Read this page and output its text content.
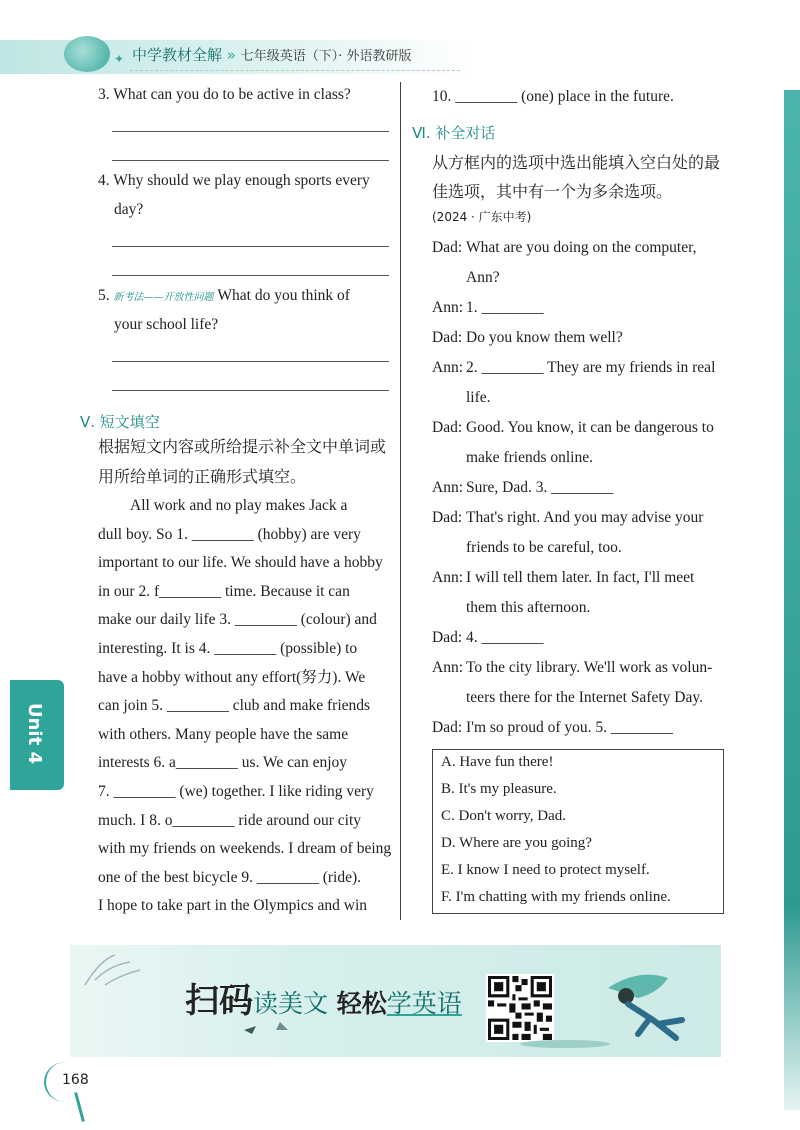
✦ 中学教材全解 » 七年级英语（下）· 外语教研版
3. What can you do to be active in class?
4. Why should we play enough sports every
day?
5. 新考法——开放性问题 What do you think of
your school life?
Ⅴ. 短文填空
根据短文内容或所给提示补全文中单词或
用所给单词的正确形式填空。
All work and no play makes Jack a
dull boy. So 1. ________ (hobby) are very
important to our life. We should have a hobby
in our 2. f________ time. Because it can
make our daily life 3. ________ (colour) and
interesting. It is 4. ________ (possible) to
have a hobby without any effort(努力). We
can join 5. ________ club and make friends
with others. Many people have the same
interests 6. a________ us. We can enjoy
7. ________ (we) together. I like riding very
much. I 8. o________ ride around our city
with my friends on weekends. I dream of being
one of the best bicycle 9. ________ (ride).
I hope to take part in the Olympics and win
10. ________ (one) place in the future.
Ⅵ. 补全对话
从方框内的选项中选出能填入空白处的最
佳选项，其中有一个为多余选项。
(2024 · 广东中考)
Dad: What are you doing on the computer,
Ann?
Ann: 1. ________
Dad: Do you know them well?
Ann: 2. ________ They are my friends in real
life.
Dad: Good. You know, it can be dangerous to
make friends online.
Ann: Sure, Dad. 3. ________
Dad: That's right. And you may advise your
friends to be careful, too.
Ann: I will tell them later. In fact, I'll meet
them this afternoon.
Dad: 4. ________
Ann: To the city library. We'll work as volun-
teers there for the Internet Safety Day.
Dad: I'm so proud of you. 5. ________
A. Have fun there!
B. It's my pleasure.
C. Don't worry, Dad.
D. Where are you going?
E. I know I need to protect myself.
F. I'm chatting with my friends online.
Unit 4
扫码读美文 轻松学英语
168
